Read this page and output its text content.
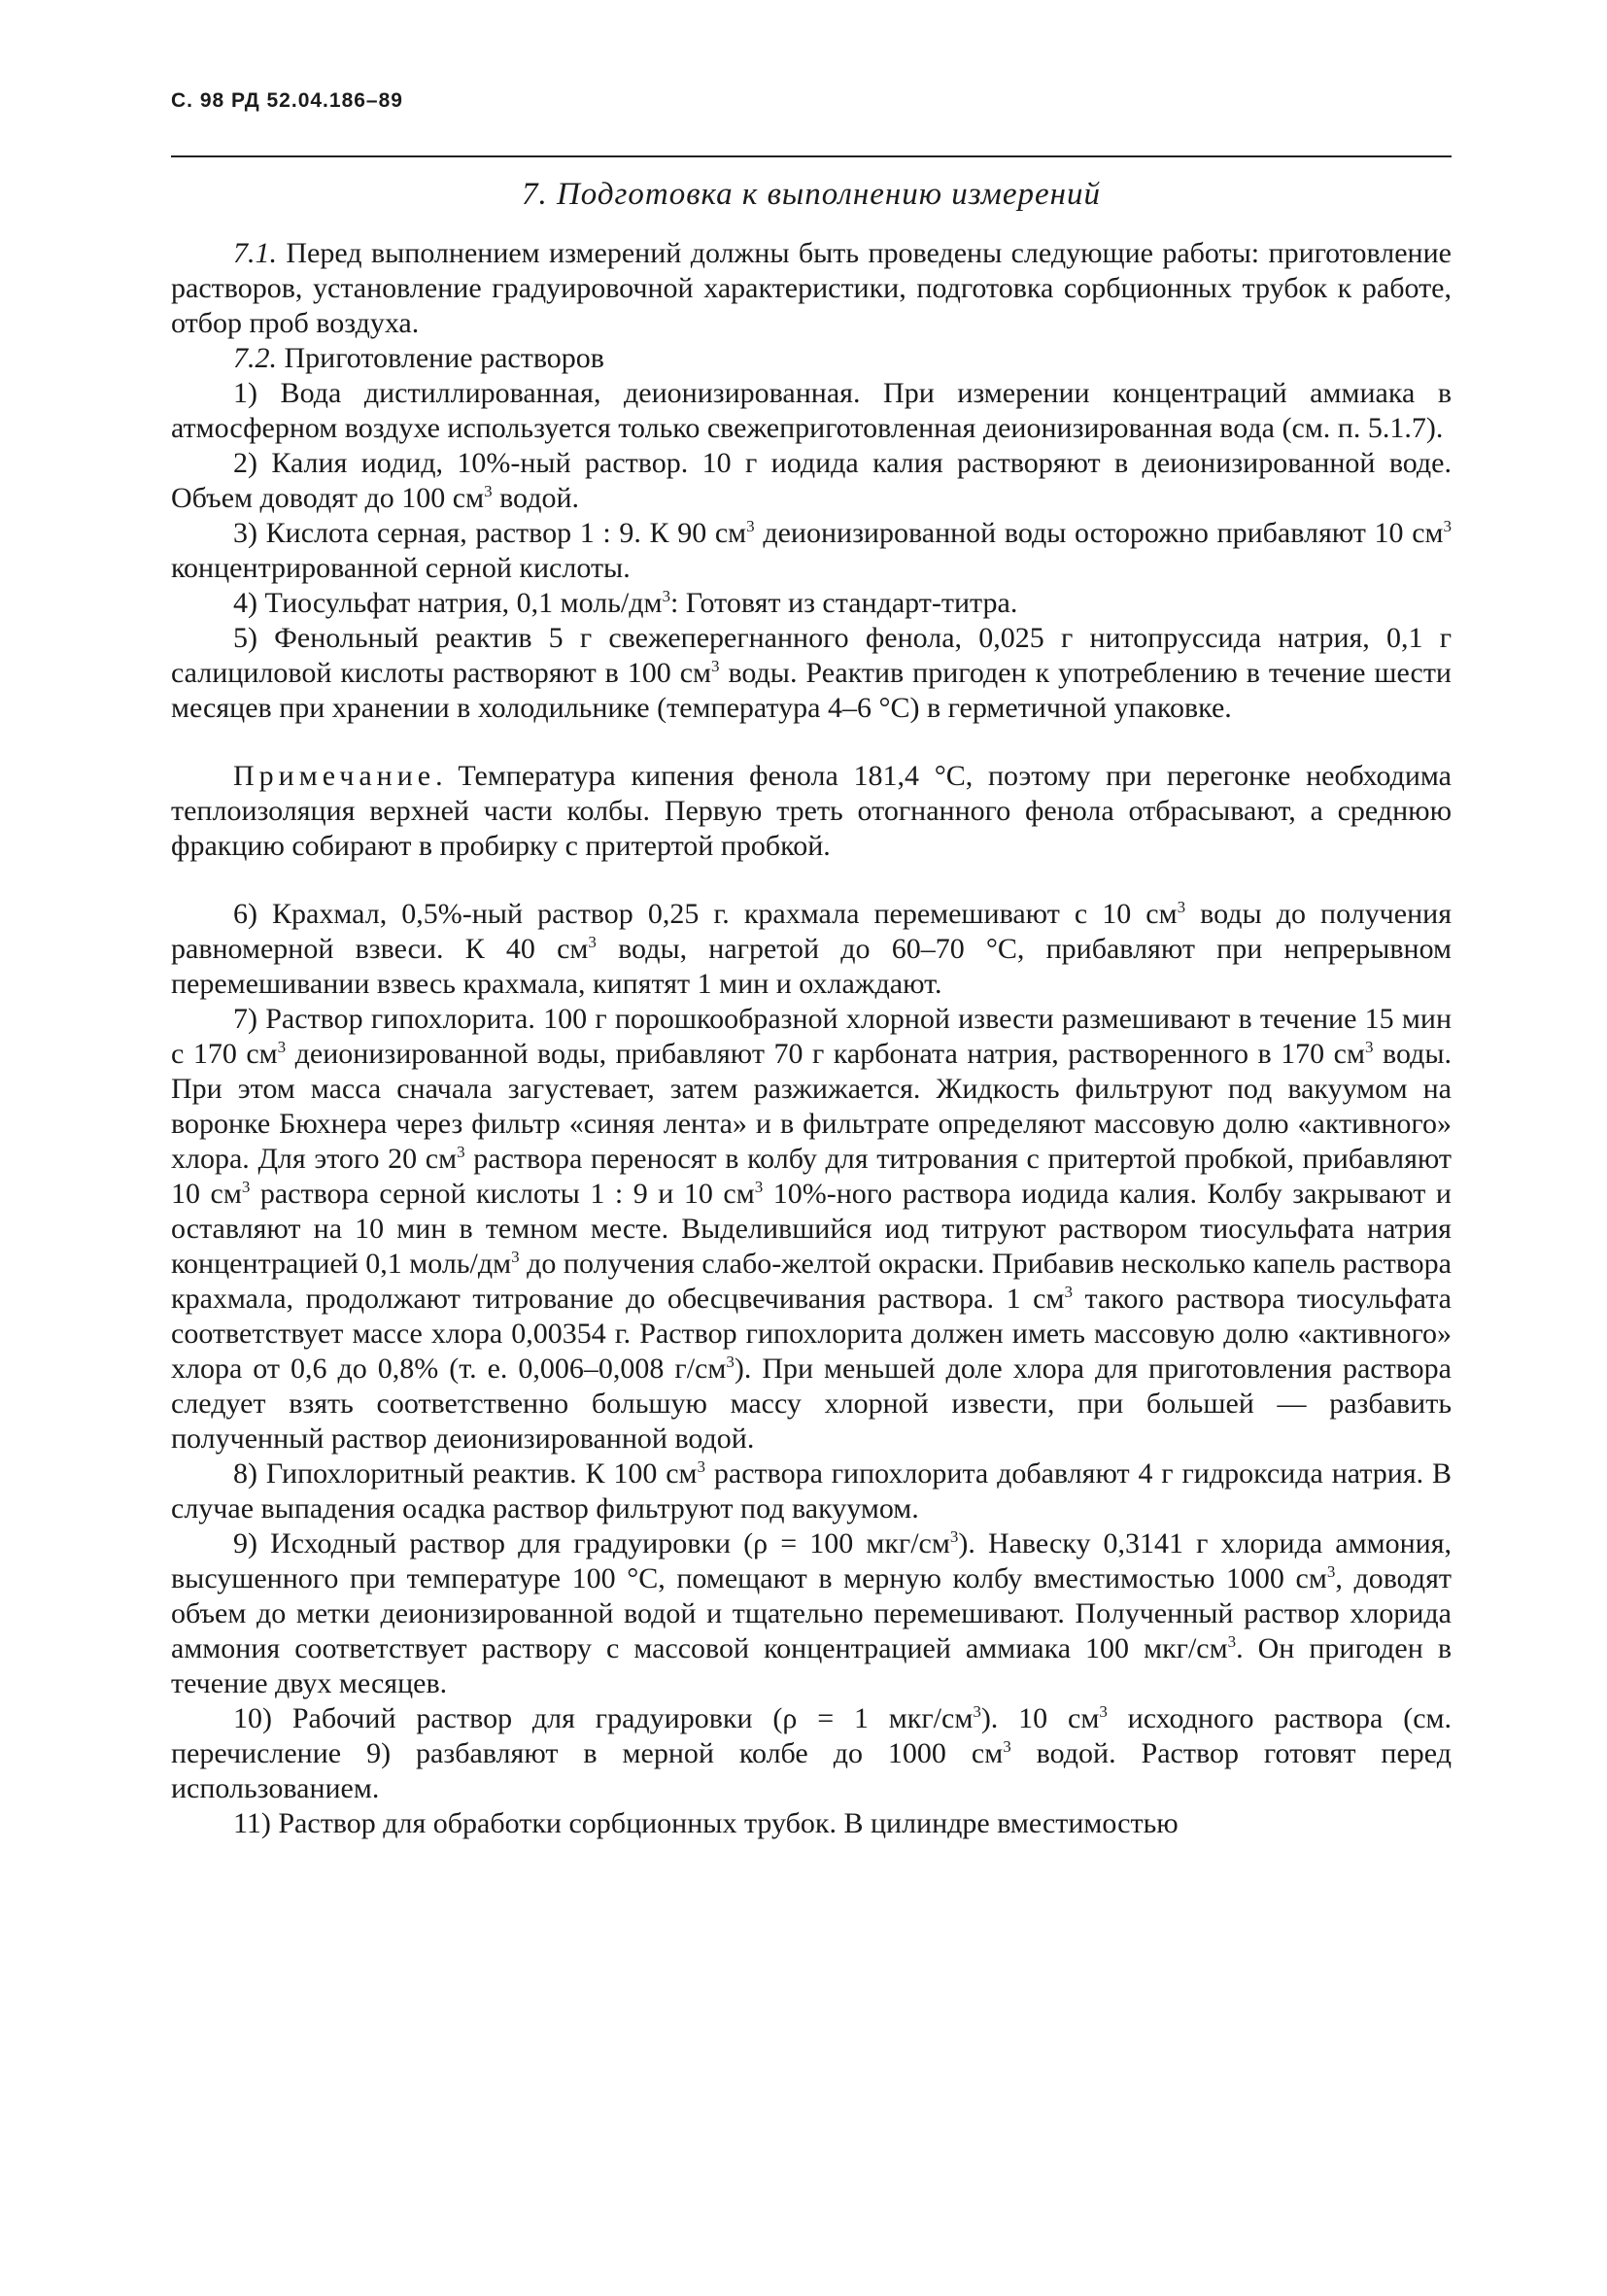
С. 98 РД 52.04.186–89
7. Подготовка к выполнению измерений

7.1. Перед выполнением измерений должны быть проведены следующие работы: приготовление растворов, установление градуировочной характеристики, подготовка сорбционных трубок к работе, отбор проб воздуха.

7.2. Приготовление растворов

1) Вода дистиллированная, деионизированная. При измерении концентраций аммиака в атмосферном воздухе используется только свежеприготовленная деионизированная вода (см. п. 5.1.7).

2) Калия иодид, 10%-ный раствор. 10 г иодида калия растворяют в деионизированной воде. Объем доводят до 100 $см^3$ водой.

3) Кислота серная, раствор 1 : 9. К 90 $см^3$ деионизированной воды осторожно прибавляют 10 $см^3$ концентрированной серной кислоты.

4) Тиосульфат натрия, 0,1 моль/$дм^3$: Готовят из стандарт-титра.

5) Фенольный реактив 5 г свежеперегнанного фенола, 0,025 г нитопруссида натрия, 0,1 г салициловой кислоты растворяют в 100 $см^3$ воды. Реактив пригоден к употреблению в течение шести месяцев при хранении в холодильнике (температура 4–6 °С) в герметичной упаковке.

Примечание. Температура кипения фенола 181,4 °С, поэтому при перегонке необходима теплоизоляция верхней части колбы. Первую треть отогнанного фенола отбрасывают, а среднюю фракцию собирают в пробирку с притертой пробкой.

6) Крахмал, 0,5%-ный раствор 0,25 г. крахмала перемешивают с 10 $см^3$ воды до получения равномерной взвеси. К 40 $см^3$ воды, нагретой до 60–70 °С, прибавляют при непрерывном перемешивании взвесь крахмала, кипятят 1 мин и охлаждают.

7) Раствор гипохлорита. 100 г порошкообразной хлорной извести размешивают в течение 15 мин с 170 $см^3$ деионизированной воды, прибавляют 70 г карбоната натрия, растворенного в 170 $см^3$ воды. При этом масса сначала загустевает, затем разжижается. Жидкость фильтруют под вакуумом на воронке Бюхнера через фильтр «синяя лента» и в фильтрате определяют массовую долю «активного» хлора. Для этого 20 $см^3$ раствора переносят в колбу для титрования с притертой пробкой, прибавляют 10 $см^3$ раствора серной кислоты 1 : 9 и 10 $см^3$ 10%-ного раствора иодида калия. Колбу закрывают и оставляют на 10 мин в темном месте. Выделившийся иод титруют раствором тиосульфата натрия концентрацией 0,1 моль/$дм^3$ до получения слабо-желтой окраски. Прибавив несколько капель раствора крахмала, продолжают титрование до обесцвечивания раствора. 1 $см^3$ такого раствора тиосульфата соответствует массе хлора 0,00354 г. Раствор гипохлорита должен иметь массовую долю «активного» хлора от 0,6 до 0,8% (т. е. 0,006–0,008 $г/см^3$). При меньшей доле хлора для приготовления раствора следует взять соответственно большую массу хлорной извести, при большей — разбавить полученный раствор деионизированной водой.

8) Гипохлоритный реактив. К 100 $см^3$ раствора гипохлорита добавляют 4 г гидроксида натрия. В случае выпадения осадка раствор фильтруют под вакуумом.

9) Исходный раствор для градуировки (ρ = 100 мкг/$см^3$). Навеску 0,3141 г хлорида аммония, высушенного при температуре 100 °С, помещают в мерную колбу вместимостью 1000 $см^3$, доводят объем до метки деионизированной водой и тщательно перемешивают. Полученный раствор хлорида аммония соответствует раствору с массовой концентрацией аммиака 100 мкг/$см^3$. Он пригоден в течение двух месяцев.

10) Рабочий раствор для градуировки (ρ = 1 мкг/$см^3$). 10 $см^3$ исходного раствора (см. перечисление 9) разбавляют в мерной колбе до 1000 $см^3$ водой. Раствор готовят перед использованием.

11) Раствор для обработки сорбционных трубок. В цилиндре вместимостью
